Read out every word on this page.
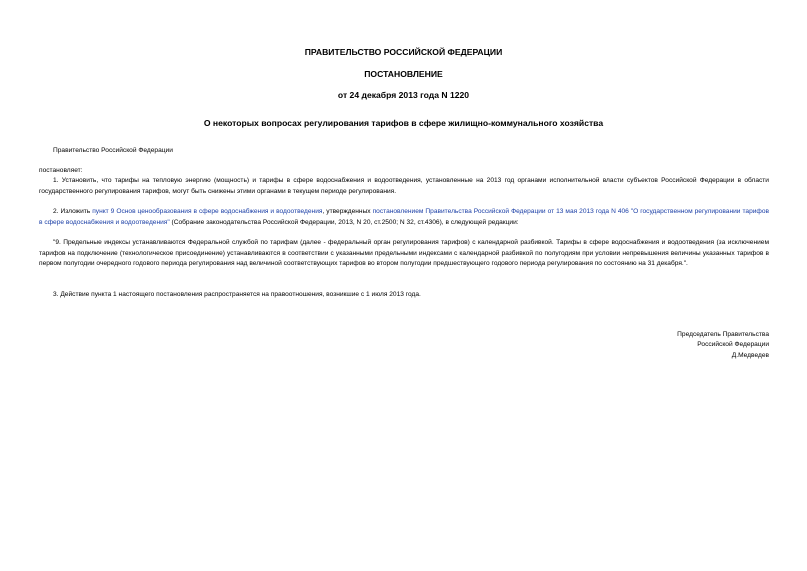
ПРАВИТЕЛЬСТВО РОССИЙСКОЙ ФЕДЕРАЦИИ
ПОСТАНОВЛЕНИЕ
от 24 декабря 2013 года N 1220
О некоторых вопросах регулирования тарифов в сфере жилищно-коммунального хозяйства

Правительство Российской Федерации

постановляет:

1. Установить, что тарифы на тепловую энергию (мощность) и тарифы в сфере водоснабжения и водоотведения, установленные на 2013 год органами исполнительной власти субъектов Российской Федерации в области государственного регулирования тарифов, могут быть снижены этими органами в текущем периоде регулирования.

2. Изложить пункт 9 Основ ценообразования в сфере водоснабжения и водоотведения, утвержденных постановлением Правительства Российской Федерации от 13 мая 2013 года N 406 "О государственном регулировании тарифов в сфере водоснабжения и водоотведения" (Собрание законодательства Российской Федерации, 2013, N 20, ст.2500; N 32, ст.4306), в следующей редакции:

"9. Предельные индексы устанавливаются Федеральной службой по тарифам (далее - федеральный орган регулирования тарифов) с календарной разбивкой. Тарифы в сфере водоснабжения и водоотведения (за исключением тарифов на подключение (технологическое присоединение) устанавливаются в соответствии с указанными предельными индексами с календарной разбивкой по полугодиям при условии непревышения величины указанных тарифов в первом полугодии очередного годового периода регулирования над величиной соответствующих тарифов во втором полугодии предшествующего годового периода регулирования по состоянию на 31 декабря.".

3. Действие пункта 1 настоящего постановления распространяется на правоотношения, возникшие с 1 июля 2013 года.

Председатель Правительства
Российской Федерации
Д.Медведев
